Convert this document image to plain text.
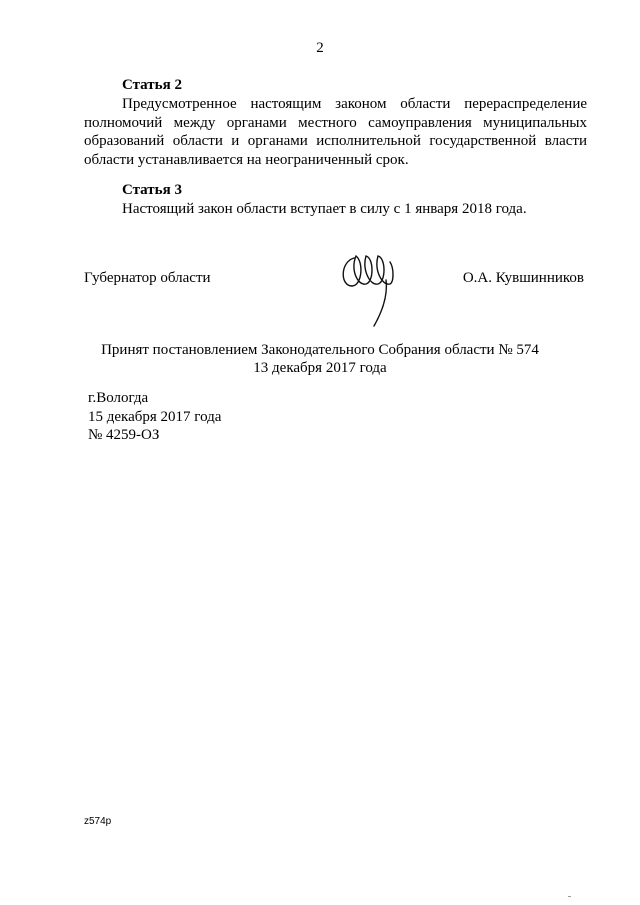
2
Статья 2
Предусмотренное настоящим законом области перераспределение полномочий между органами местного самоуправления муниципальных образований области и органами исполнительной государственной власти области устанавливается на неограниченный срок.
Статья 3
Настоящий закон области вступает в силу с 1 января 2018 года.
Губернатор области	О.А. Кувшинников
Принят постановлением Законодательного Собрания области № 574
13 декабря 2017 года
г.Вологда
15 декабря 2017 года
№ 4259-ОЗ
z574p
